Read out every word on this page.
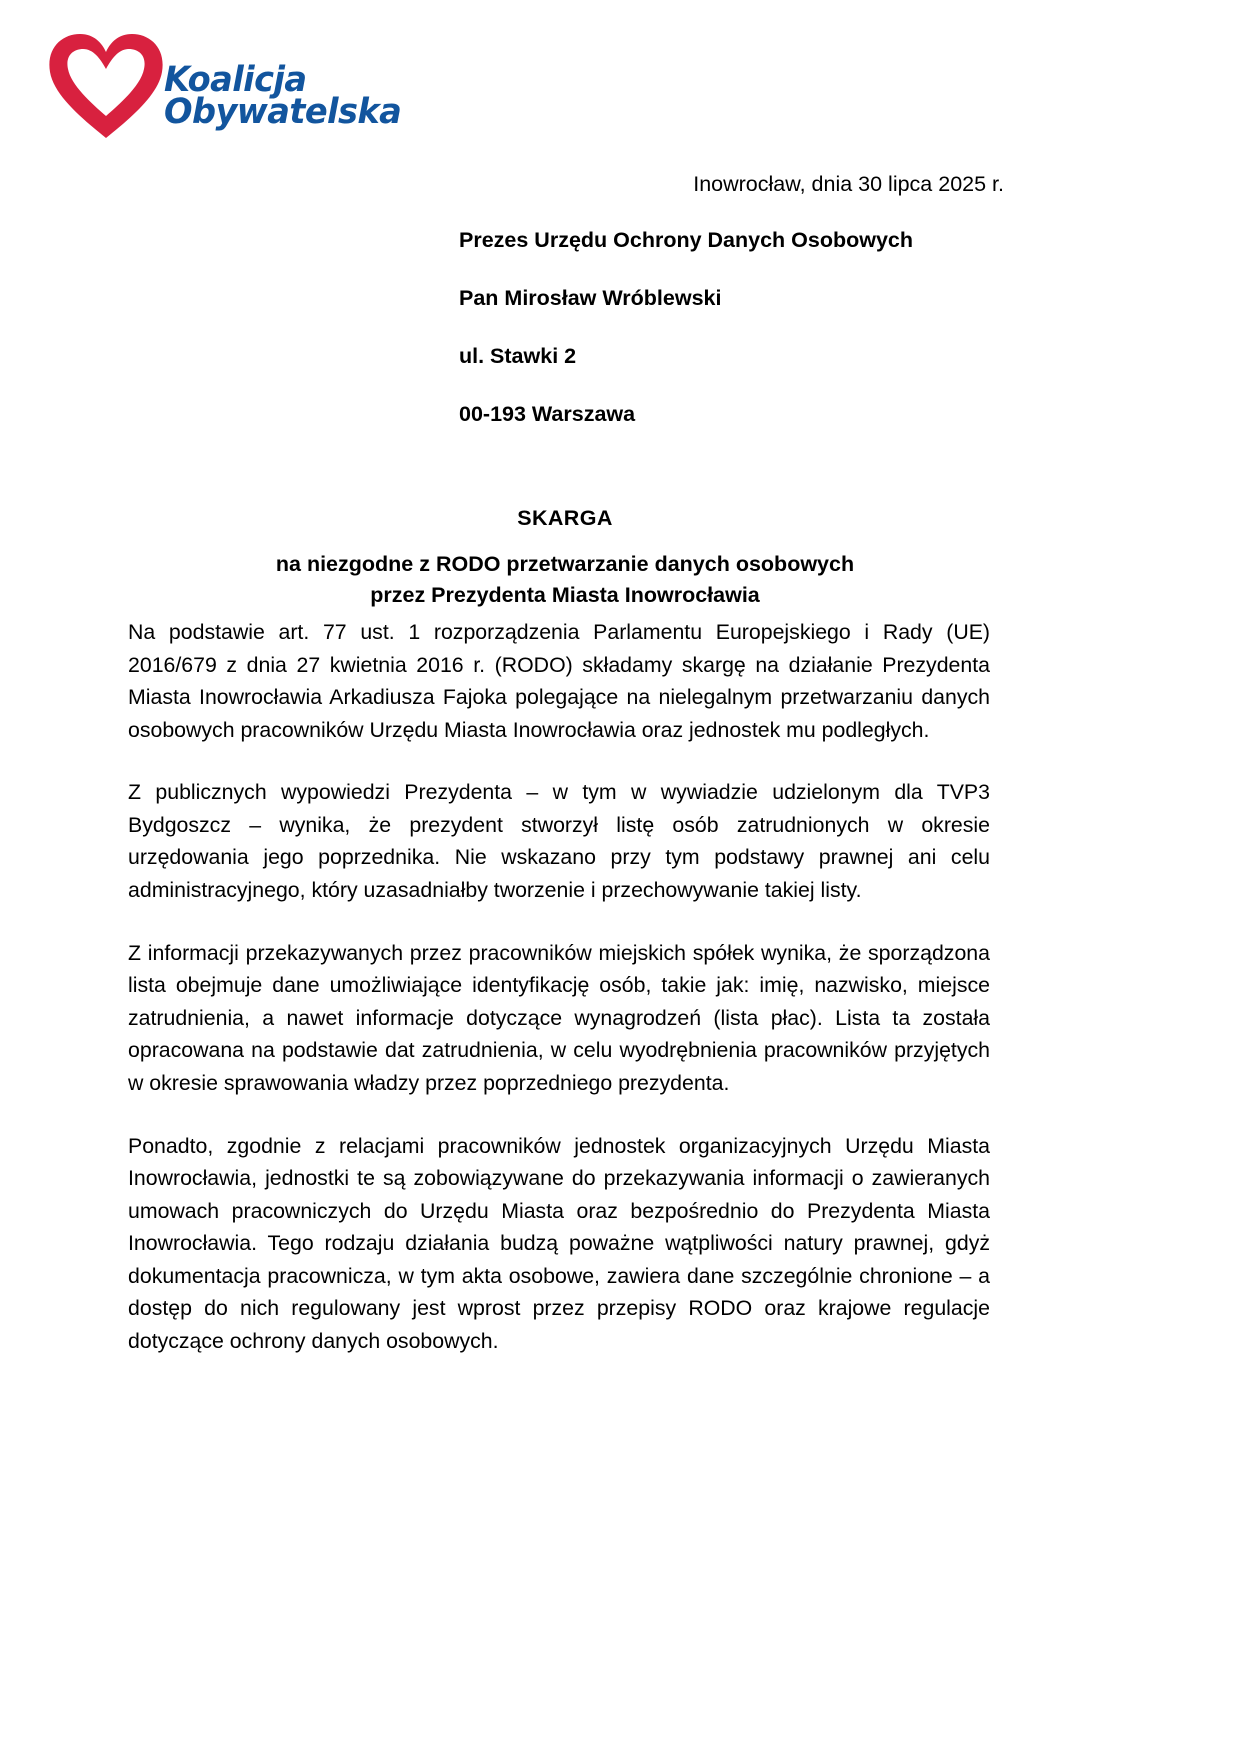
Koalicja
Obywatelska
Inowrocław, dnia 30 lipca 2025 r.

Prezes Urzędu Ochrony Danych Osobowych

Pan Mirosław Wróblewski

ul. Stawki 2

00-193 Warszawa

SKARGA

na niezgodne z RODO przetwarzanie danych osobowych

przez Prezydenta Miasta Inowrocławia

Na podstawie art. 77 ust. 1 rozporządzenia Parlamentu Europejskiego i Rady (UE) 2016/679 z dnia 27 kwietnia 2016 r. (RODO) składamy skargę na działanie Prezydenta Miasta Inowrocławia Arkadiusza Fajoka polegające na nielegalnym przetwarzaniu danych osobowych pracowników Urzędu Miasta Inowrocławia oraz jednostek mu podległych.

Z publicznych wypowiedzi Prezydenta – w tym w wywiadzie udzielonym dla TVP3 Bydgoszcz – wynika, że prezydent stworzył listę osób zatrudnionych w okresie urzędowania jego poprzednika. Nie wskazano przy tym podstawy prawnej ani celu administracyjnego, który uzasadniałby tworzenie i przechowywanie takiej listy.

Z informacji przekazywanych przez pracowników miejskich spółek wynika, że sporządzona lista obejmuje dane umożliwiające identyfikację osób, takie jak: imię, nazwisko, miejsce zatrudnienia, a nawet informacje dotyczące wynagrodzeń (lista płac). Lista ta została opracowana na podstawie dat zatrudnienia, w celu wyodrębnienia pracowników przyjętych w okresie sprawowania władzy przez poprzedniego prezydenta.

Ponadto, zgodnie z relacjami pracowników jednostek organizacyjnych Urzędu Miasta Inowrocławia, jednostki te są zobowiązywane do przekazywania informacji o zawieranych umowach pracowniczych do Urzędu Miasta oraz bezpośrednio do Prezydenta Miasta Inowrocławia. Tego rodzaju działania budzą poważne wątpliwości natury prawnej, gdyż dokumentacja pracownicza, w tym akta osobowe, zawiera dane szczególnie chronione – a dostęp do nich regulowany jest wprost przez przepisy RODO oraz krajowe regulacje dotyczące ochrony danych osobowych.
